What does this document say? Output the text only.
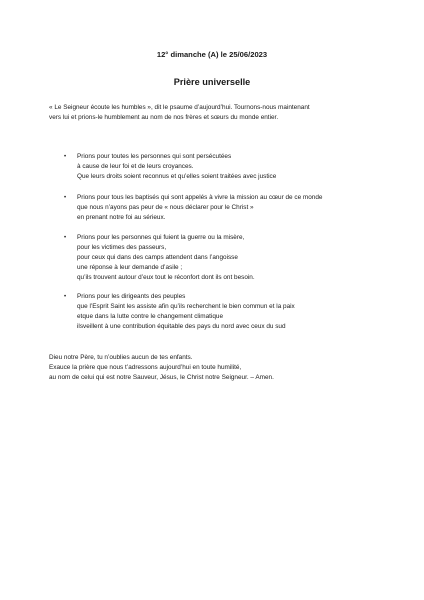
12° dimanche (A) le 25/06/2023
Prière universelle
« Le Seigneur écoute les humbles », dit le psaume d’aujourd’hui. Tournons-nous maintenant
vers lui et prions-le humblement au nom de nos frères et sœurs du monde entier.
• Prions pour toutes les personnes qui sont persécutées
à cause de leur foi et de leurs croyances.
Que leurs droits soient reconnus et qu’elles soient traitées avec justice
• Prions pour tous les baptisés qui sont appelés à vivre la mission au cœur de ce monde
que nous n’ayons pas peur de « nous déclarer pour le Christ »
en prenant notre foi au sérieux.
• Prions pour les personnes qui fuient la guerre ou la misère,
pour les victimes des passeurs,
pour ceux qui dans des camps attendent dans l’angoisse
une réponse à leur demande d’asile ;
qu’ils trouvent autour d’eux tout le réconfort dont ils ont besoin.
• Prions pour les dirigeants des peuples
que l’Esprit Saint les assiste afin qu’ils recherchent le bien commun et la paix
etque dans la lutte contre le changement climatique
ilsveillent à une contribution équitable des pays du nord avec ceux du sud
Dieu notre Père, tu n’oublies aucun de tes enfants.
Exauce la prière que nous t’adressons aujourd’hui en toute humilité,
au nom de celui qui est notre Sauveur, Jésus, le Christ notre Seigneur. – Amen.
